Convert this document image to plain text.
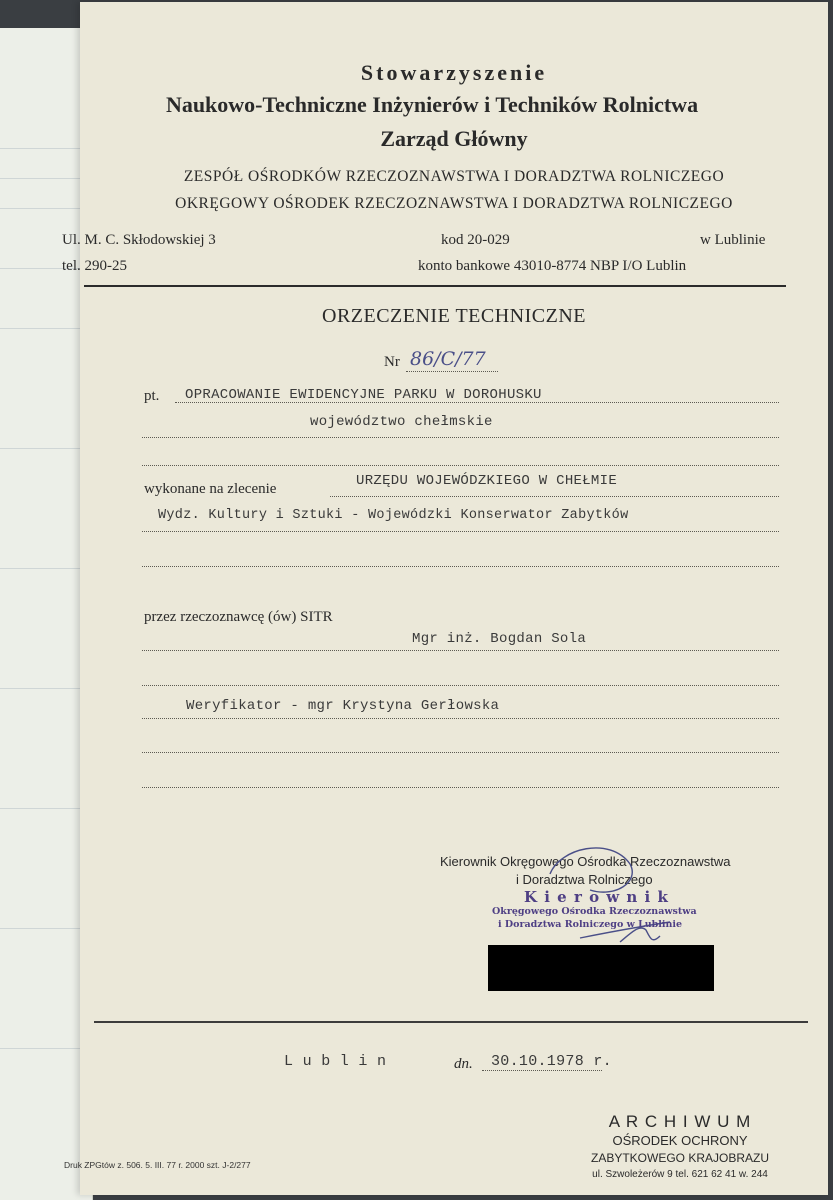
Stowarzyszenie
Naukowo-Techniczne Inżynierów i Techników Rolnictwa
Zarząd Główny
ZESPÓŁ OŚRODKÓW RZECZOZNAWSTWA I DORADZTWA ROLNICZEGO
OKRĘGOWY OŚRODEK RZECZOZNAWSTWA I DORADZTWA ROLNICZEGO
Ul. M. C. Skłodowskiej 3
tel. 290-25
kod 20-029
konto bankowe 43010-8774 NBP I/O Lublin
w Lublinie
ORZECZENIE TECHNICZNE
Nr 86/C/77
pt. OPRACOWANIE EWIDENCYJNE PARKU W DOROHUSKU
województwo chełmskie
wykonane na zlecenie	URZĘDU WOJEWÓDZKIEGO W CHEŁMIE
Wydz. Kultury i Sztuki - Wojewódzki Konserwator Zabytków
przez rzeczoznawcę (ów) SITR
Mgr inż. Bogdan Sola
Weryfikator - mgr Krystyna Gerłowska
Kierownik Okręgowego Ośrodka Rzeczoznawstwa
i Doradztwa Rolniczego
K i e r o w n i k
Okręgowego Ośrodka Rzeczoznawstwa
i Doradztwa Rolniczego w Lublinie
L u b l i n	dn. 30.10.1978 r.
Druk ZPGtów z. 506. 5. III. 77 r. 2000 szt. J-2/277
A R C H I W U M
OŚRODEK OCHRONY
ZABYTKOWEGO KRAJOBRAZU
ul. Szwoleżerów 9 tel. 621 62 41 w. 244
